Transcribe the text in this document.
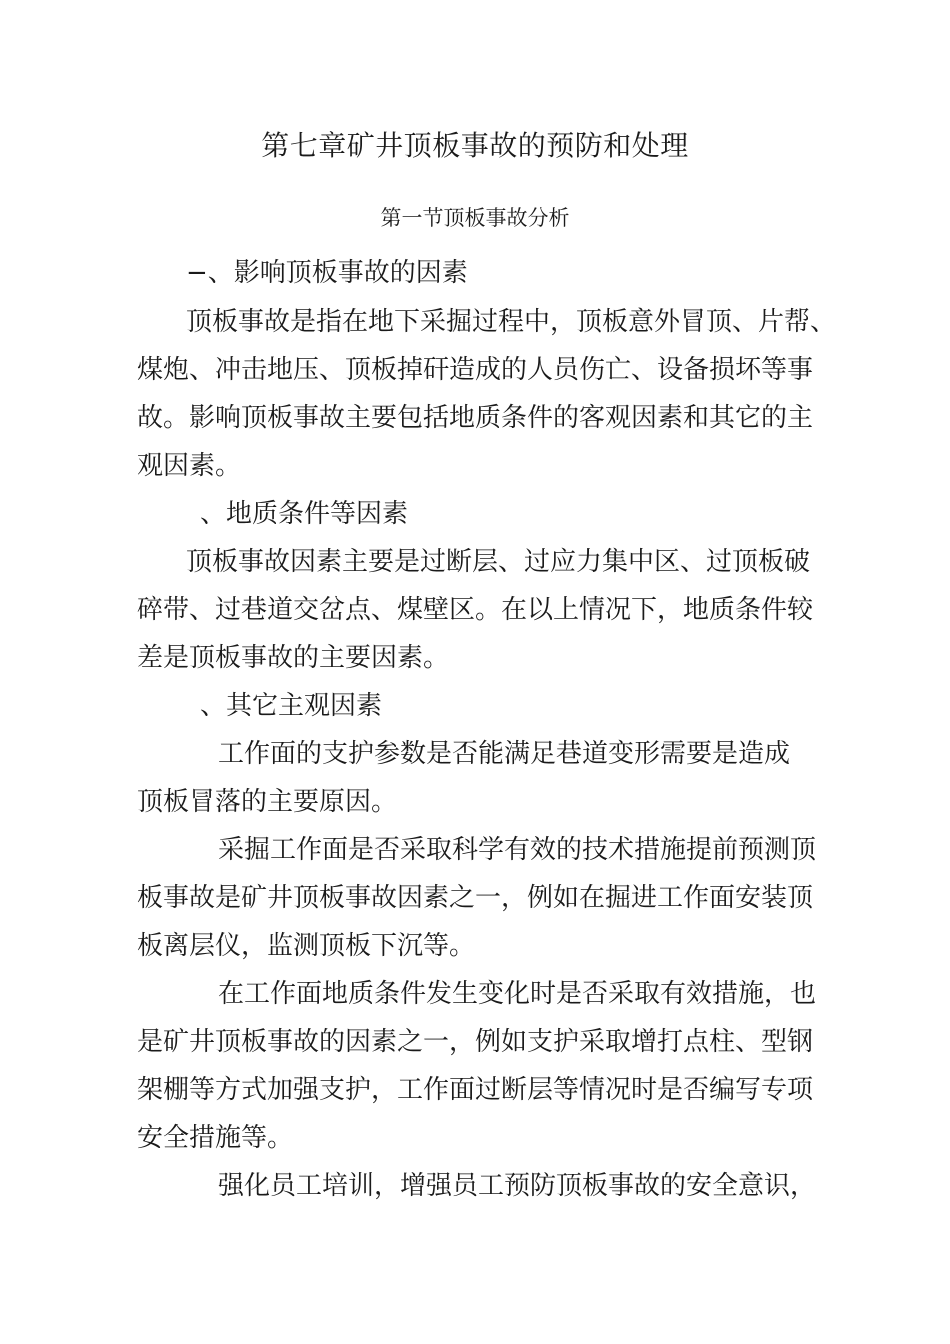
第七章矿井顶板事故的预防和处理
第一节顶板事故分析

−、影响顶板事故的因素

顶板事故是指在地下采掘过程中，顶板意外冒顶、片帮、

煤炮、冲击地压、顶板掉矸造成的人员伤亡、设备损坏等事

故。影响顶板事故主要包括地质条件的客观因素和其它的主

观因素。

、地质条件等因素

顶板事故因素主要是过断层、过应力集中区、过顶板破

碎带、过巷道交岔点、煤壁区。在以上情况下，地质条件较

差是顶板事故的主要因素。

、其它主观因素

工作面的支护参数是否能满足巷道变形需要是造成

顶板冒落的主要原因。

采掘工作面是否采取科学有效的技术措施提前预测顶

板事故是矿井顶板事故因素之一，例如在掘进工作面安装顶

板离层仪，监测顶板下沉等。

在工作面地质条件发生变化时是否采取有效措施，也

是矿井顶板事故的因素之一，例如支护采取增打点柱、型钢

架棚等方式加强支护，工作面过断层等情况时是否编写专项

安全措施等。

强化员工培训，增强员工预防顶板事故的安全意识，
